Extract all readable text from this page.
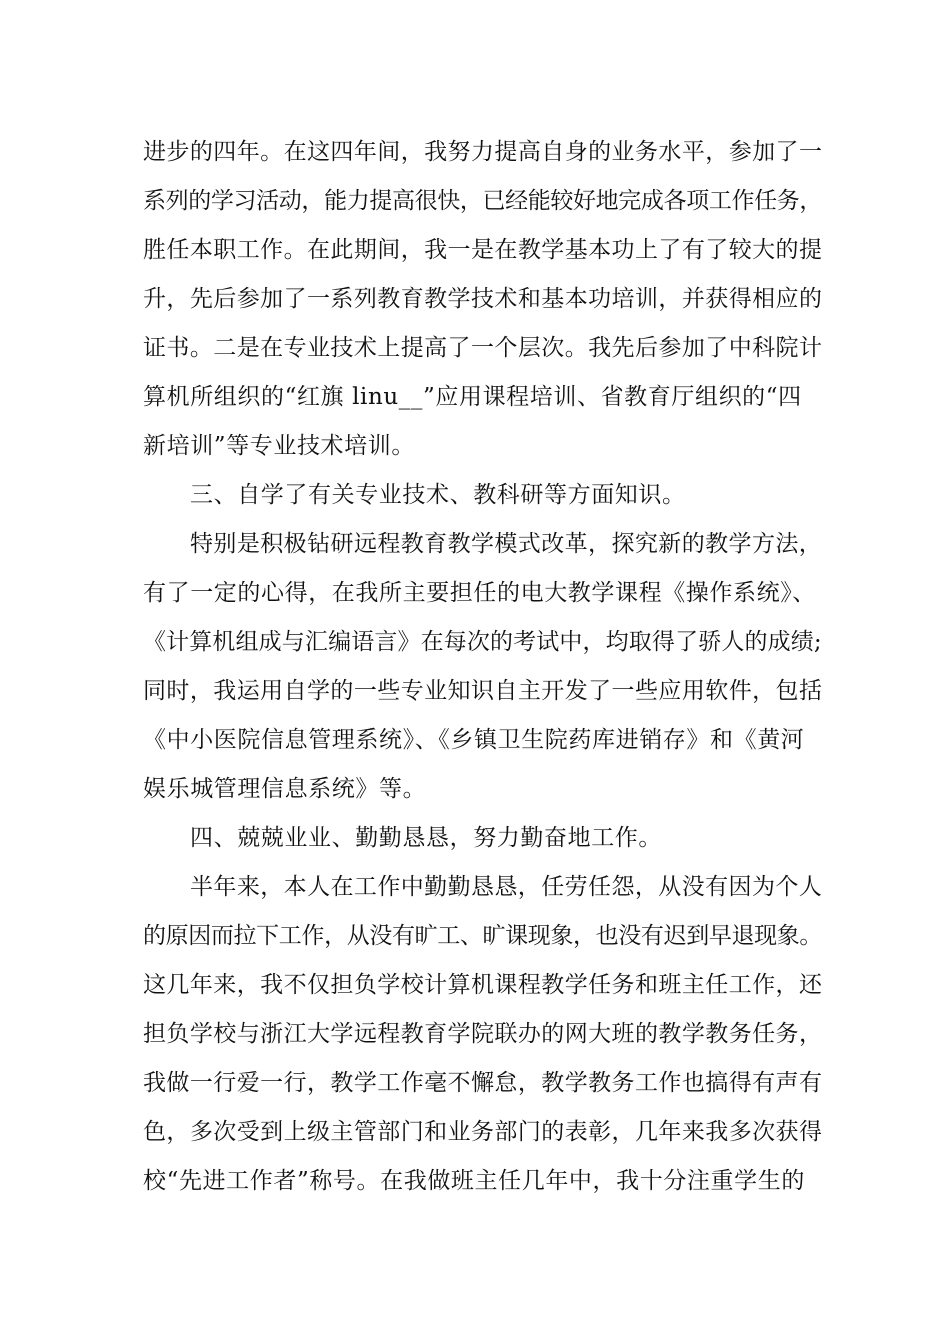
进步的四年。在这四年间，我努力提高自身的业务水平，参加了一
系列的学习活动，能力提高很快，已经能较好地完成各项工作任务，
胜任本职工作。在此期间，我一是在教学基本功上了有了较大的提
升，先后参加了一系列教育教学技术和基本功培训，并获得相应的
证书。二是在专业技术上提高了一个层次。我先后参加了中科院计
算机所组织的“红旗 linu__”应用课程培训、省教育厅组织的“四
新培训”等专业技术培训。
三、自学了有关专业技术、教科研等方面知识。
特别是积极钻研远程教育教学模式改革，探究新的教学方法，
有了一定的心得，在我所主要担任的电大教学课程《操作系统》、
《计算机组成与汇编语言》在每次的考试中，均取得了骄人的成绩;
同时，我运用自学的一些专业知识自主开发了一些应用软件，包括
《中小医院信息管理系统》、《乡镇卫生院药库进销存》和《黄河
娱乐城管理信息系统》等。
四、兢兢业业、勤勤恳恳，努力勤奋地工作。
半年来，本人在工作中勤勤恳恳，任劳任怨，从没有因为个人
的原因而拉下工作，从没有旷工、旷课现象，也没有迟到早退现象。
这几年来，我不仅担负学校计算机课程教学任务和班主任工作，还
担负学校与浙江大学远程教育学院联办的网大班的教学教务任务，
我做一行爱一行，教学工作毫不懈怠，教学教务工作也搞得有声有
色，多次受到上级主管部门和业务部门的表彰，几年来我多次获得
校“先进工作者”称号。在我做班主任几年中，我十分注重学生的
